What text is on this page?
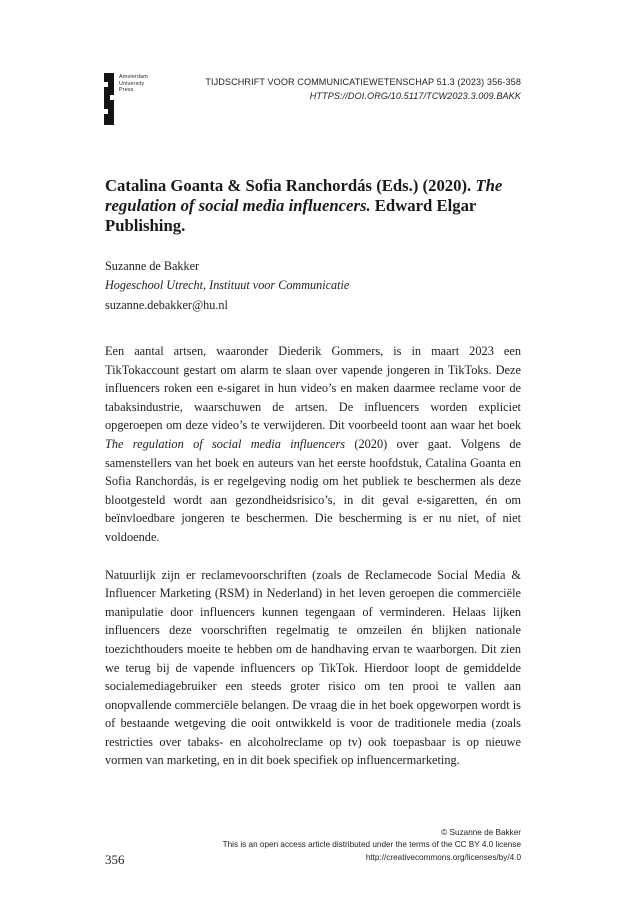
Amsterdam
University
Press
TIJDSCHRIFT VOOR COMMUNICATIEWETENSCHAP 51.3 (2023) 356-358
HTTPS://DOI.ORG/10.5117/TCW2023.3.009.BAKK
Catalina Goanta & Sofia Ranchordás (Eds.) (2020). The regulation of social media influencers. Edward Elgar Publishing.
Suzanne de Bakker
Hogeschool Utrecht, Instituut voor Communicatie
suzanne.debakker@hu.nl

Een aantal artsen, waaronder Diederik Gommers, is in maart 2023 een TikTokaccount gestart om alarm te slaan over vapende jongeren in TikToks. Deze influencers roken een e-sigaret in hun video’s en maken daarmee reclame voor de tabaksindustrie, waarschuwen de artsen. De influencers worden expliciet opgeroepen om deze video’s te verwijderen. Dit voorbeeld toont aan waar het boek The regulation of social media influencers (2020) over gaat. Volgens de samenstellers van het boek en auteurs van het eerste hoofdstuk, Catalina Goanta en Sofia Ranchordás, is er regelgeving nodig om het publiek te beschermen als deze blootgesteld wordt aan gezondheidsrisico’s, in dit geval e-sigaretten, én om beïnvloedbare jongeren te beschermen. Die bescherming is er nu niet, of niet voldoende.

Natuurlijk zijn er reclamevoorschriften (zoals de Reclamecode Social Media & Influencer Marketing (RSM) in Nederland) in het leven geroepen die commerciële manipulatie door influencers kunnen tegengaan of verminderen. Helaas lijken influencers deze voorschriften regelmatig te omzeilen én blijken nationale toezichthouders moeite te hebben om de handhaving ervan te waarborgen. Dit zien we terug bij de vapende influencers op TikTok. Hierdoor loopt de gemiddelde socialemediagebruiker een steeds groter risico om ten prooi te vallen aan onopvallende commerciële belangen. De vraag die in het boek opgeworpen wordt is of bestaande wetgeving die ooit ontwikkeld is voor de traditionele media (zoals restricties over tabaks- en alcoholreclame op tv) ook toepasbaar is op nieuwe vormen van marketing, en in dit boek specifiek op influencermarketing.

356
© Suzanne de Bakker
This is an open access article distributed under the terms of the CC BY 4.0 license
http://creativecommons.org/licenses/by/4.0
